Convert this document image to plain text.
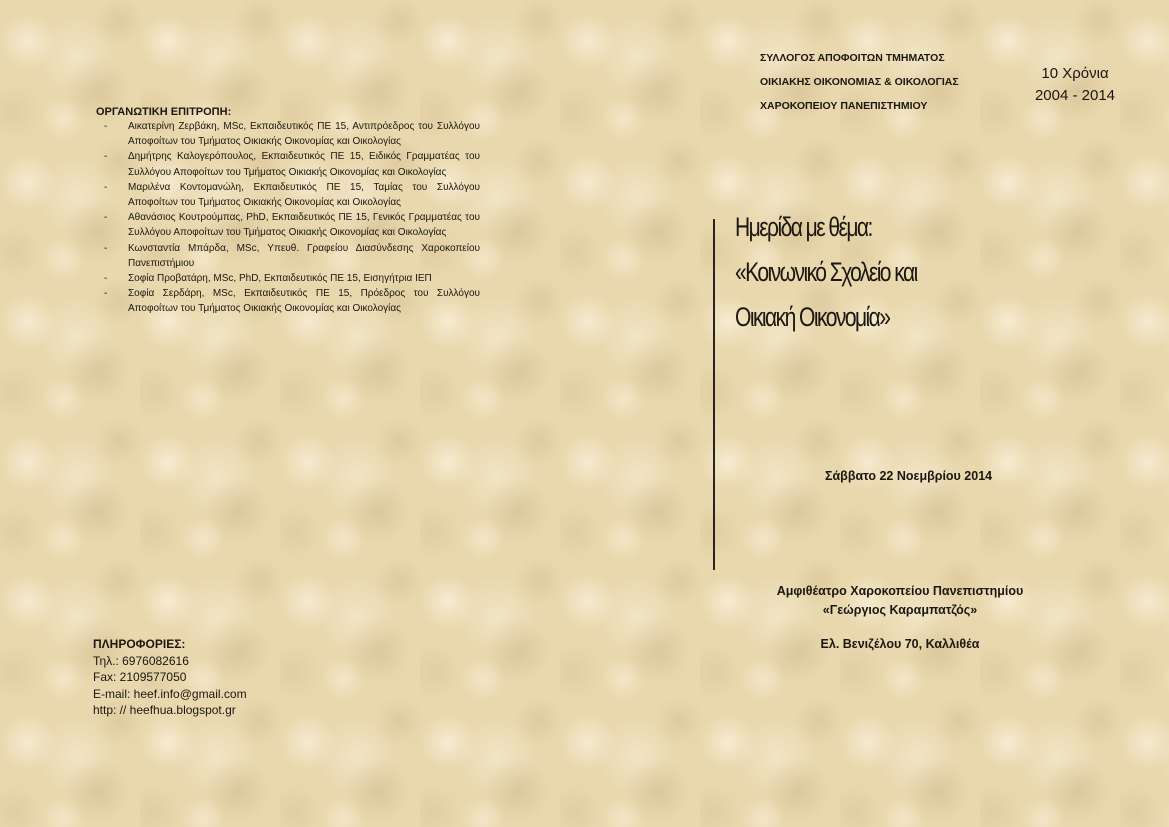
ΟΡΓΑΝΩΤΙΚΗ ΕΠΙΤΡΟΠΗ:
- Αικατερίνη Ζερβάκη, MSc, Εκπαιδευτικός ΠΕ 15, Αντιπρόεδρος του Συλλόγου Αποφοίτων του Τμήματος Οικιακής Οικονομίας και Οικολογίας
- Δημήτρης Καλογερόπουλος, Εκπαιδευτικός ΠΕ 15, Ειδικός Γραμματέας του Συλλόγου Αποφοίτων του Τμήματος Οικιακής Οικονομίας και Οικολογίας
- Μαριλένα Κοντομανώλη, Εκπαιδευτικός ΠΕ 15, Ταμίας του Συλλόγου Αποφοίτων του Τμήματος Οικιακής Οικονομίας και Οικολογίας
- Αθανάσιος Κουτρούμπας, PhD, Εκπαιδευτικός ΠΕ 15, Γενικός Γραμματέας του Συλλόγου Αποφοίτων του Τμήματος Οικιακής Οικονομίας και Οικολογίας
- Κωνσταντία Μπάρδα, MSc, Υπευθ. Γραφείου Διασύνδεσης Χαροκοπείου Πανεπιστήμιου
- Σοφία Προβατάρη, MSc, PhD, Εκπαιδευτικός ΠΕ 15, Εισηγήτρια ΙΕΠ
- Σοφία Σερδάρη, MSc, Εκπαιδευτικός ΠΕ 15, Πρόεδρος του Συλλόγου Αποφοίτων του Τμήματος Οικιακής Οικονομίας και Οικολογίας
ΠΛΗΡΟΦΟΡΙΕΣ:
Τηλ.: 6976082616
Fax: 2109577050
E-mail: heef.info@gmail.com
http: // heefhua.blogspot.gr
ΣΥΛΛΟΓΟΣ ΑΠΟΦΟΙΤΩΝ ΤΜΗΜΑΤΟΣ
ΟΙΚΙΑΚΗΣ ΟΙΚΟΝΟΜΙΑΣ & ΟΙΚΟΛΟΓΙΑΣ
ΧΑΡΟΚΟΠΕΙΟΥ ΠΑΝΕΠΙΣΤΗΜΙΟΥ
10 Χρόνια
2004 - 2014
Ημερίδα με θέμα:
«Κοινωνικό Σχολείο και
Οικιακή Οικονομία»
Σάββατο 22 Νοεμβρίου 2014
Αμφιθέατρο Χαροκοπείου Πανεπιστημίου
«Γεώργιος Καραμπατζός»
Ελ. Βενιζέλου 70, Καλλιθέα
